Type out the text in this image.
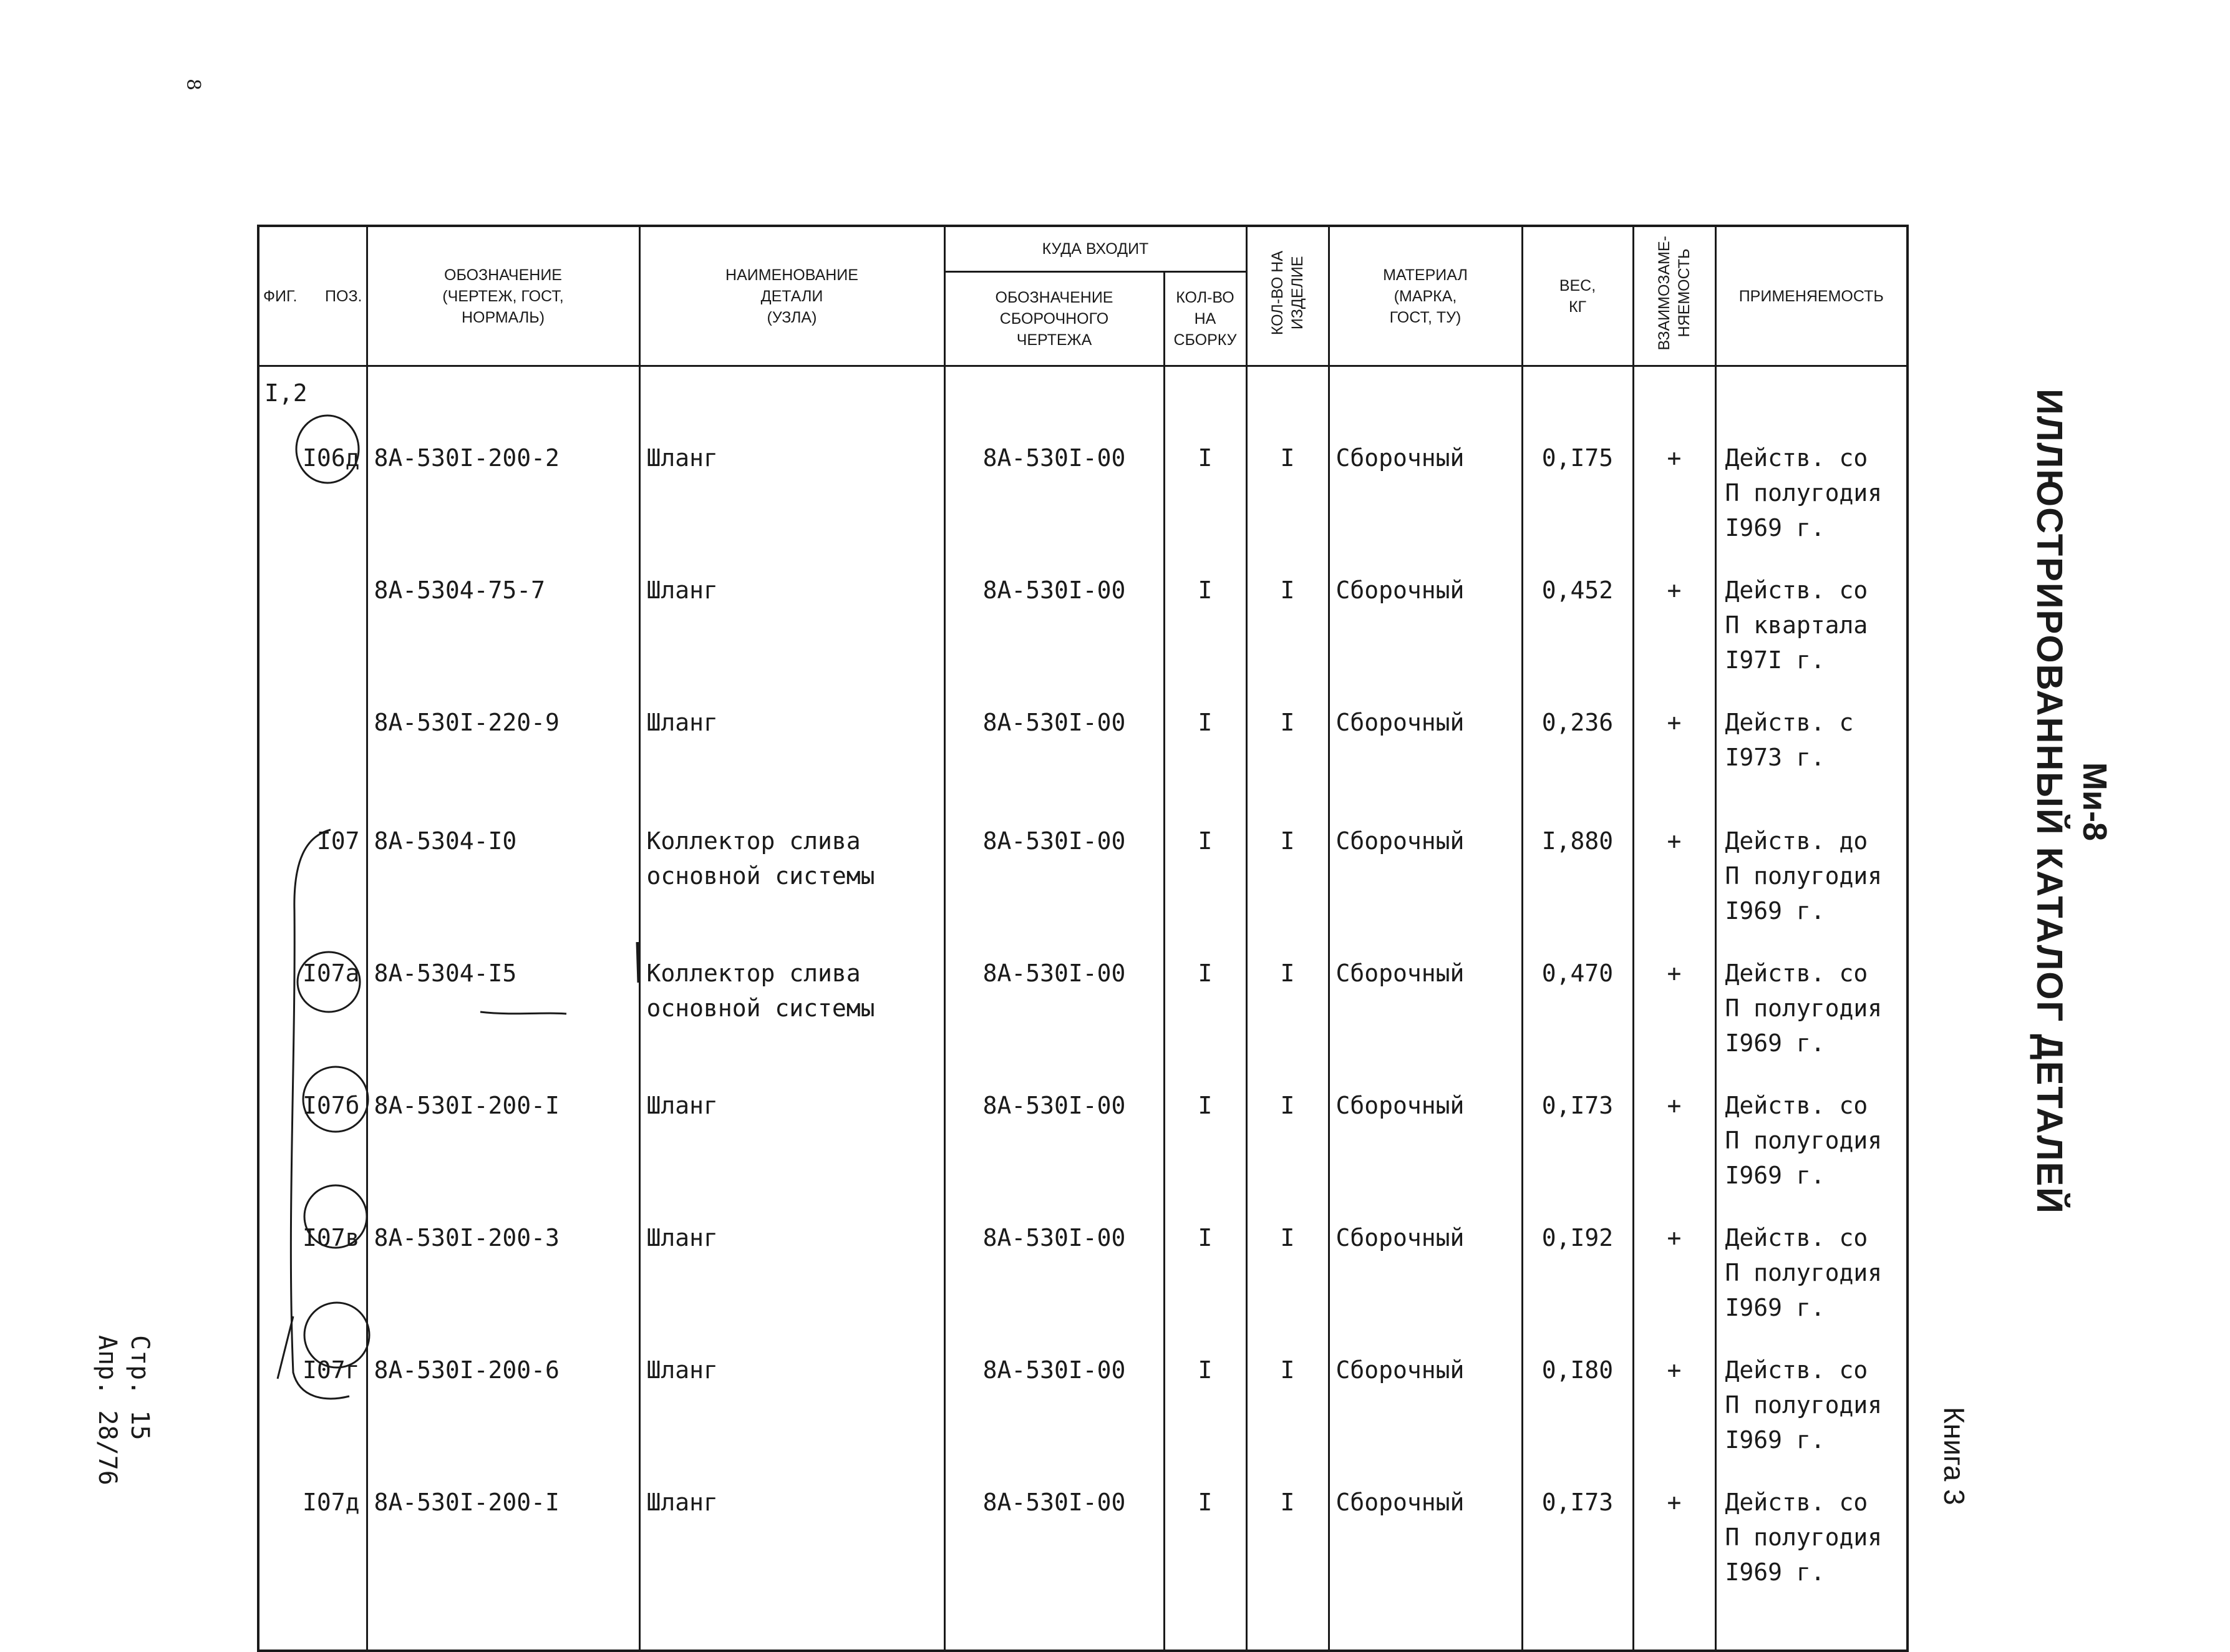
8
ФИГ. ПОЗ.	ОБОЗНАЧЕНИЕ
(ЧЕРТЕЖ, ГОСТ,
НОРМАЛЬ)	НАИМЕНОВАНИЕ
ДЕТАЛИ
(УЗЛА)	КУДА ВХОДИТ		КОЛ-ВО НА
ИЗДЕЛИЕ	МАТЕРИАЛ
(МАРКА,
ГОСТ, ТУ)	ВЕС,
КГ	ВЗАИМОЗАМЕ-
НЯЕМОСТЬ	ПРИМЕНЯЕМОСТЬ
			ОБОЗНАЧЕНИЕ
СБОРОЧНОГО
ЧЕРТЕЖА	КОЛ-ВО
НА
СБОРКУ					

I,2									

I06д	8А-530I-200-2	Шланг	8А-530I-00	I	I	Сборочный	0,I75	+	Действ. со
П полугодия
I969 г.

	8А-5304-75-7	Шланг	8А-530I-00	I	I	Сборочный	0,452	+	Действ. со
П квартала
I97I г.

	8А-530I-220-9	Шланг	8А-530I-00	I	I	Сборочный	0,236	+	Действ. с
I973 г.

I07	8А-5304-I0	Коллектор слива
основной системы	8А-530I-00	I	I	Сборочный	I,880	+	Действ. до
П полугодия
I969 г.

I07а	8А-5304-I5	Коллектор слива
основной системы	8А-530I-00	I	I	Сборочный	0,470	+	Действ. со
П полугодия
I969 г.

I07б	8А-530I-200-I	Шланг	8А-530I-00	I	I	Сборочный	0,I73	+	Действ. со
П полугодия
I969 г.

I07в	8А-530I-200-3	Шланг	8А-530I-00	I	I	Сборочный	0,I92	+	Действ. со
П полугодия
I969 г.

I07г	8А-530I-200-6	Шланг	8А-530I-00	I	I	Сборочный	0,I80	+	Действ. со
П полугодия
I969 г.

I07д	8А-530I-200-I	Шланг	8А-530I-00	I	I	Сборочный	0,I73	+	Действ. со
П полугодия
I969 г.

Ми-8
ИЛЛЮСТРИРОВАННЫЙ КАТАЛОГ ДЕТАЛЕЙ
Книга 3
Стр. 15
Апр. 28/76
